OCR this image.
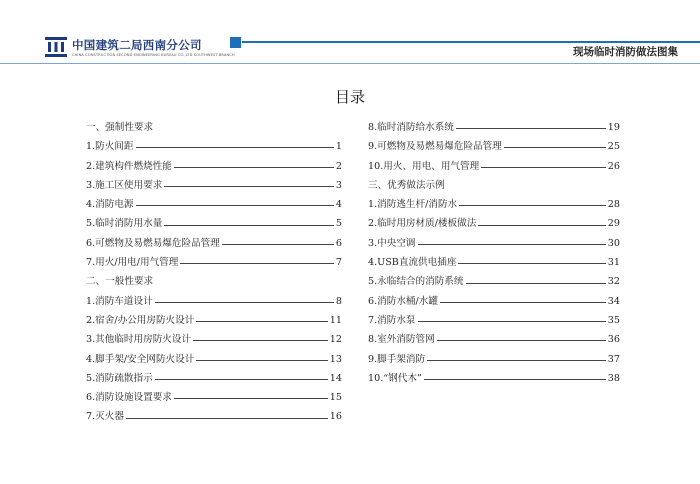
中国建筑二局西南分公司
CHINA CONSTRUCTION SECOND ENGINEERING BUREAU CO.,LTD SOUTHWEST BRANCH	现场临时消防做法图集
目录
一、强制性要求
1.防火间距	1
2.建筑构件燃烧性能	2
3.施工区使用要求	3
4.消防电源	4
5.临时消防用水量	5
6.可燃物及易燃易爆危险品管理	6
7.用火/用电/用气管理	7
二、一般性要求
1.消防车道设计	8
2.宿舍/办公用房防火设计	11
3.其他临时用房防火设计	12
4.脚手架/安全网防火设计	13
5.消防疏散指示	14
6.消防设施设置要求	15
7.灭火器	16
8.临时消防给水系统	19
9.可燃物及易燃易爆危险品管理	25
10.用火、用电、用气管理	26
三、优秀做法示例
1.消防逃生杆/消防水	28
2.临时用房材质/楼板做法	29
3.中央空调	30
4.USB直流供电插座	31
5.永临结合的消防系统	32
6.消防水桶/水罐	34
7.消防水泵	35
8.室外消防管网	36
9.脚手架消防	37
10.“钢代木”	38
